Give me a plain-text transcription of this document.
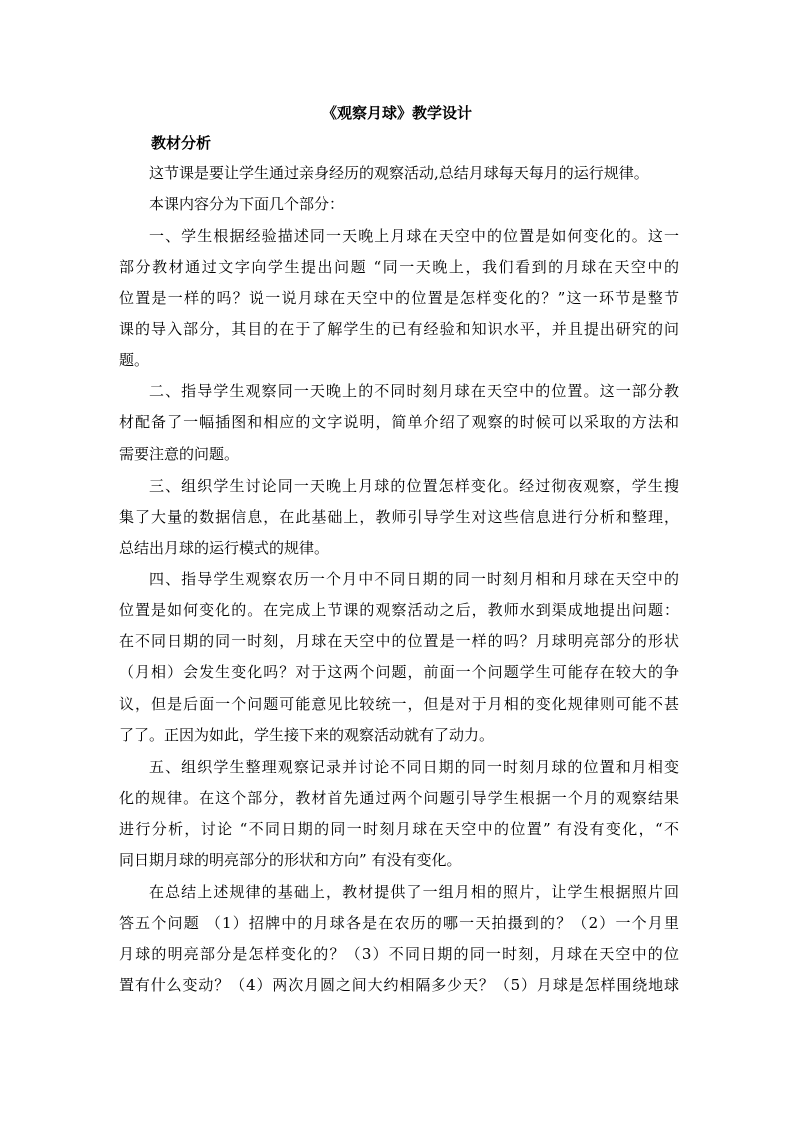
《观察月球》教学设计
教材分析
这节课是要让学生通过亲身经历的观察活动,总结月球每天每月的运行规律。
本课内容分为下面几个部分：
一、学生根据经验描述同一天晚上月球在天空中的位置是如何变化的。这一
部分教材通过文字向学生提出问题 “同一天晚上，我们看到的月球在天空中的
位置是一样的吗？说一说月球在天空中的位置是怎样变化的？”这一环节是整节
课的导入部分，其目的在于了解学生的已有经验和知识水平，并且提出研究的问
题。
二、指导学生观察同一天晚上的不同时刻月球在天空中的位置。这一部分教
材配备了一幅插图和相应的文字说明，简单介绍了观察的时候可以采取的方法和
需要注意的问题。
三、组织学生讨论同一天晚上月球的位置怎样变化。经过彻夜观察，学生搜
集了大量的数据信息，在此基础上，教师引导学生对这些信息进行分析和整理，
总结出月球的运行模式的规律。
四、指导学生观察农历一个月中不同日期的同一时刻月相和月球在天空中的
位置是如何变化的。在完成上节课的观察活动之后，教师水到渠成地提出问题：
在不同日期的同一时刻，月球在天空中的位置是一样的吗？月球明亮部分的形状
（月相）会发生变化吗？对于这两个问题，前面一个问题学生可能存在较大的争
议，但是后面一个问题可能意见比较统一，但是对于月相的变化规律则可能不甚
了了。正因为如此，学生接下来的观察活动就有了动力。
五、组织学生整理观察记录并讨论不同日期的同一时刻月球的位置和月相变
化的规律。在这个部分，教材首先通过两个问题引导学生根据一个月的观察结果
进行分析，讨论 “不同日期的同一时刻月球在天空中的位置” 有没有变化，“不
同日期月球的明亮部分的形状和方向” 有没有变化。
在总结上述规律的基础上，教材提供了一组月相的照片，让学生根据照片回
答五个问题 （1）招牌中的月球各是在农历的哪一天拍摄到的？（2）一个月里
月球的明亮部分是怎样变化的？（3）不同日期的同一时刻，月球在天空中的位
置有什么变动？（4）两次月圆之间大约相隔多少天？（5）月球是怎样围绕地球
